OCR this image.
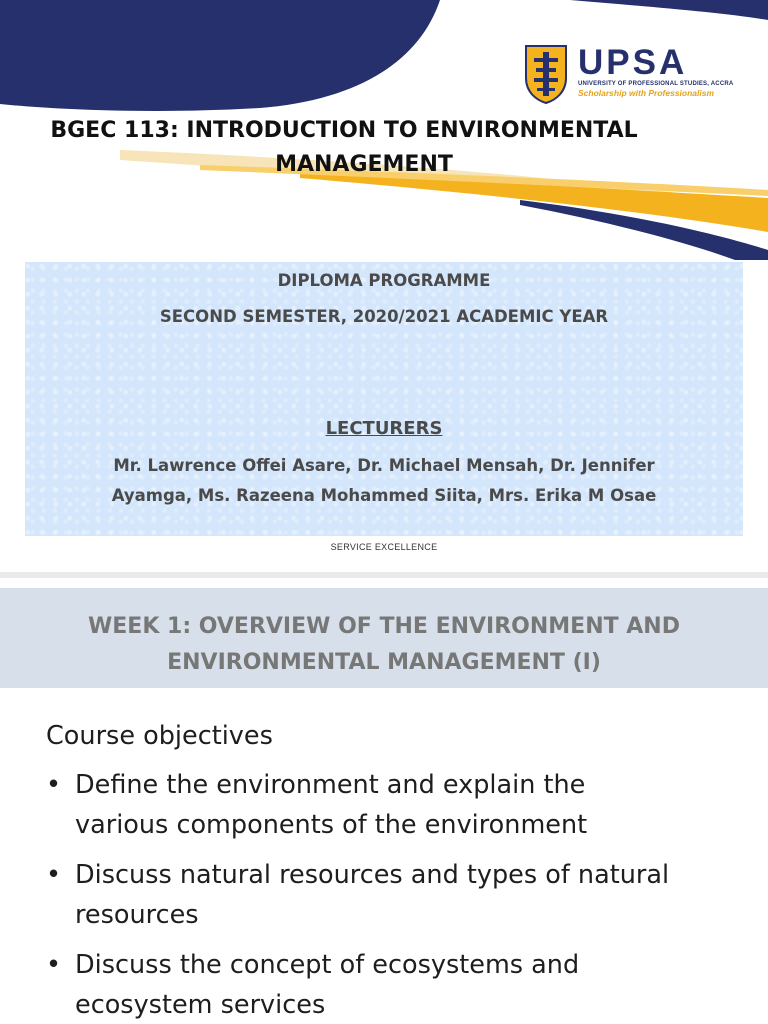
UPSA
UNIVERSITY OF PROFESSIONAL STUDIES, ACCRA
Scholarship with Professionalism
BGEC 113: INTRODUCTION TO ENVIRONMENTAL
MANAGEMENT
DIPLOMA PROGRAMME
SECOND SEMESTER, 2020/2021 ACADEMIC YEAR
LECTURERS
Mr. Lawrence Offei Asare, Dr. Michael Mensah, Dr. Jennifer
Ayamga, Ms. Razeena Mohammed Siita, Mrs. Erika M Osae
SERVICE EXCELLENCE
WEEK 1: OVERVIEW OF THE ENVIRONMENT AND
ENVIRONMENTAL MANAGEMENT (I)
Course objectives
• Define the environment and explain the
various components of the environment
• Discuss natural resources and types of natural
resources
• Discuss the concept of ecosystems and
ecosystem services
